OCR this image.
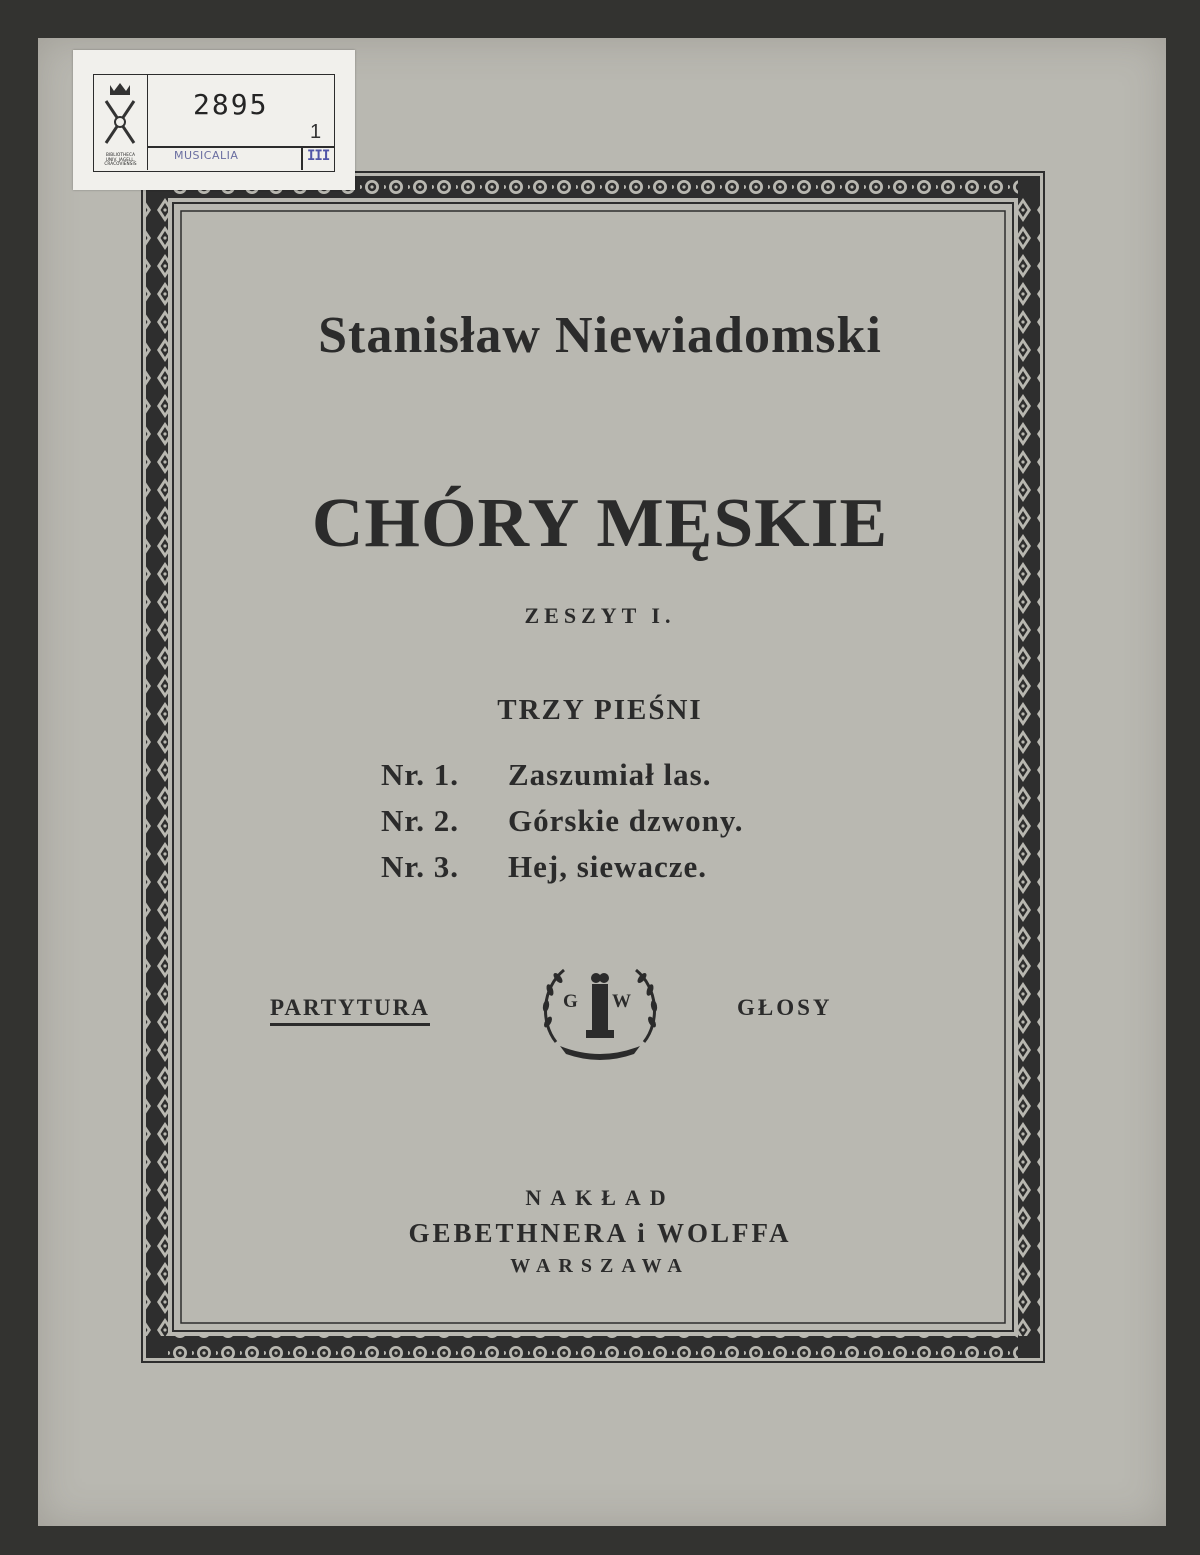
BIBLIOTHECA
UNIV. JAGELL.
CRACOVIENSIS
2895
MUSICALIA
1
III
Stanisław Niewiadomski
CHÓRY MĘSKIE
ZESZYT I.
TRZY PIEŚNI
Nr. 1. Zaszumiał las.
Nr. 2. Górskie dzwony.
Nr. 3. Hej, siewacze.
PARTYTURA	GŁOSY
G W
NAKŁAD
GEBETHNERA i WOLFFA
WARSZAWA
